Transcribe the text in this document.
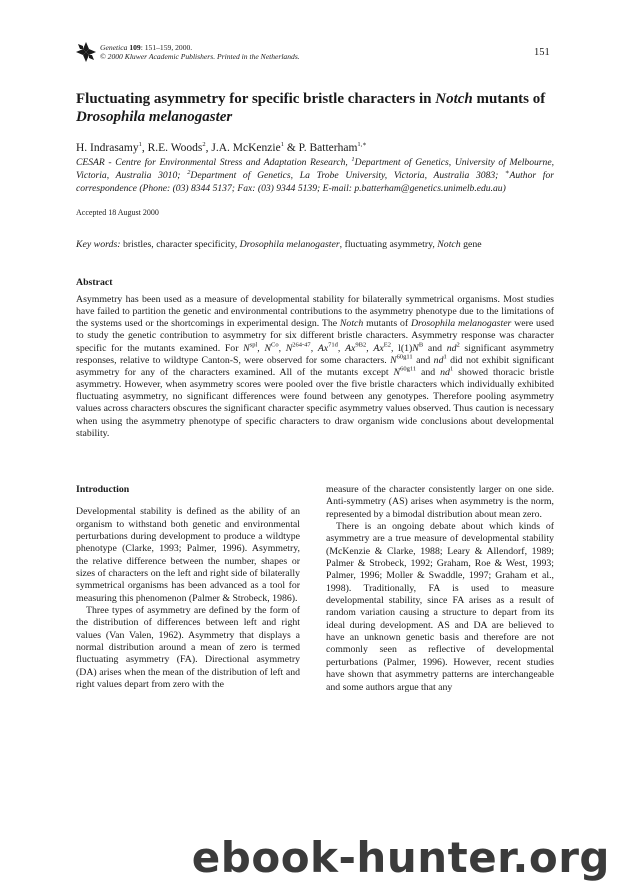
Genetica 109: 151–159, 2000.
© 2000 Kluwer Academic Publishers. Printed in the Netherlands.	151
Fluctuating asymmetry for specific bristle characters in Notch mutants of
Drosophila melanogaster
H. Indrasamy$^1$, R.E. Woods$^2$, J.A. McKenzie$^1$ & P. Batterham$^{1,∗}$
CESAR - Centre for Environmental Stress and Adaptation Research, $^1$Department of Genetics, University of Melbourne, Victoria, Australia 3010; $^2$Department of Genetics, La Trobe University, Victoria, Australia 3083; ∗Author for correspondence (Phone: (03) 8344 5137; Fax: (03) 9344 5139; E-mail: p.batterham@genetics.unimelb.edu.au)
Accepted 18 August 2000
Key words: bristles, character specificity, Drosophila melanogaster, fluctuating asymmetry, Notch gene
Abstract
Asymmetry has been used as a measure of developmental stability for bilaterally symmetrical organisms. Most studies have failed to partition the genetic and environmental contributions to the asymmetry phenotype due to the limitations of the systems used or the shortcomings in experimental design. The Notch mutants of Drosophila melanogaster were used to study the genetic contribution to asymmetry for six different bristle characters. Asymmetry response was character specific for the mutants examined. For $N^{spl}$, $N^{Co}$, $N^{264-47}$, $Ax^{71d}$, $Ax^{9B2}$, $Ax^{E2}$, $l(1)N^B$ and $nd^2$ significant asymmetry responses, relative to wildtype Canton-S, were observed for some characters. $N^{60g11}$ and $nd^1$ did not exhibit significant asymmetry for any of the characters examined. All of the mutants except $N^{60g11}$ and $nd^1$ showed thoracic bristle asymmetry. However, when asymmetry scores were pooled over the five bristle characters which individually exhibited fluctuating asymmetry, no significant differences were found between any genotypes. Therefore pooling asymmetry values across characters obscures the significant character specific asymmetry values observed. Thus caution is necessary when using the asymmetry phenotype of specific characters to draw organism wide conclusions about developmental stability.

Introduction

Developmental stability is defined as the ability of an organism to withstand both genetic and environmental perturbations during development to produce a wildtype phenotype (Clarke, 1993; Palmer, 1996). Asymmetry, the relative difference between the number, shapes or sizes of characters on the left and right side of bilaterally symmetrical organisms has been advanced as a tool for measuring this phenomenon (Palmer & Strobeck, 1986).

Three types of asymmetry are defined by the form of the distribution of differences between left and right values (Van Valen, 1962). Asymmetry that displays a normal distribution around a mean of zero is termed fluctuating asymmetry (FA). Directional asymmetry (DA) arises when the mean of the distribution of left and right values depart from zero with the

measure of the character consistently larger on one side. Anti-symmetry (AS) arises when asymmetry is the norm, represented by a bimodal distribution about mean zero.

There is an ongoing debate about which kinds of asymmetry are a true measure of developmental stability (McKenzie & Clarke, 1988; Leary & Allendorf, 1989; Palmer & Strobeck, 1992; Graham, Roe & West, 1993; Palmer, 1996; Moller & Swaddle, 1997; Graham et al., 1998). Traditionally, FA is used to measure developmental stability, since FA arises as a result of random variation causing a structure to depart from its ideal during development. AS and DA are believed to have an unknown genetic basis and therefore are not commonly seen as reflective of developmental perturbations (Palmer, 1996). However, recent studies have shown that asymmetry patterns are interchangeable and some authors argue that any

ebook-hunter.org
